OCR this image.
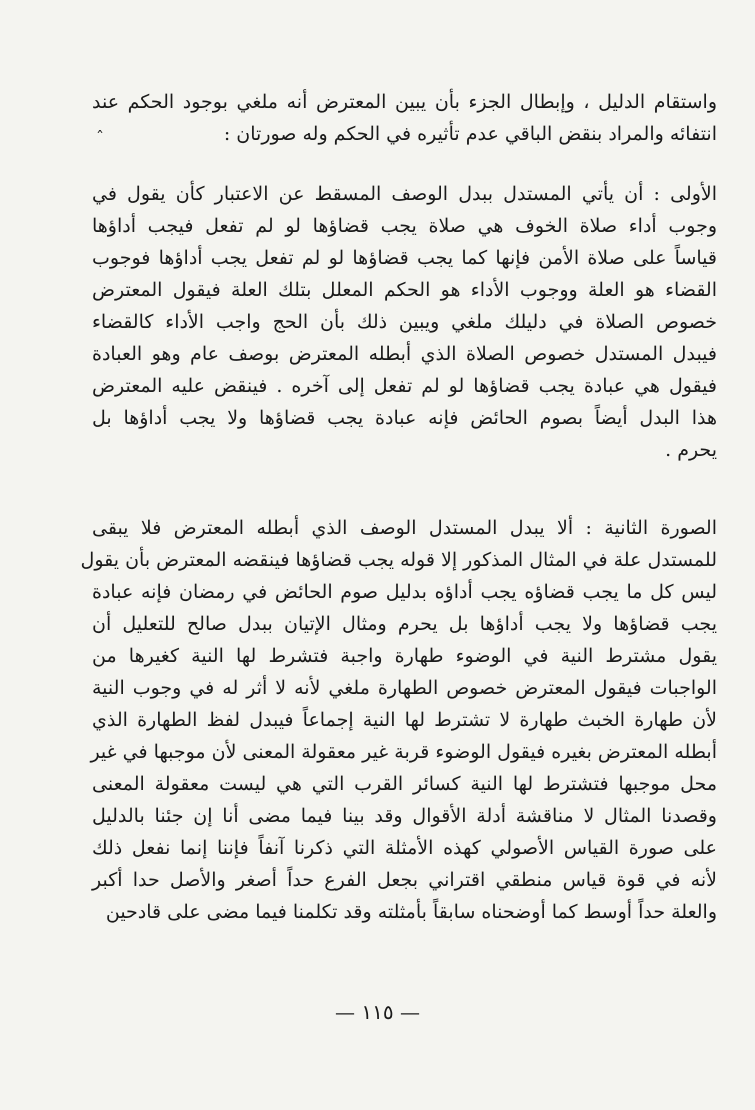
واستقام الدليل ، وإبطال الجزء بأن يبين المعترض أنه ملغي بوجود الحكم عند
انتفائه والمراد بنقض الباقي عدم تأثيره في الحكم وله صورتان :
ˆ
الأولى : أن يأتي المستدل ببدل الوصف المسقط عن الاعتبار كأن يقول في
وجوب أداء صلاة الخوف هي صلاة يجب قضاؤها لو لم تفعل فيجب أداؤها
قياساً على صلاة الأمن فإنها كما يجب قضاؤها لو لم تفعل يجب أداؤها فوجوب
القضاء هو العلة ووجوب الأداء هو الحكم المعلل بتلك العلة فيقول المعترض
خصوص الصلاة في دليلك ملغي ويبين ذلك بأن الحج واجب الأداء كالقضاء
فيبدل المستدل خصوص الصلاة الذي أبطله المعترض بوصف عام وهو العبادة
فيقول هي عبادة يجب قضاؤها لو لم تفعل إلى آخره . فينقض عليه المعترض
هذا البدل أيضاً بصوم الحائض فإنه عبادة يجب قضاؤها ولا يجب أداؤها بل
يحرم .
الصورة الثانية : ألا يبدل المستدل الوصف الذي أبطله المعترض فلا يبقى
للمستدل علة في المثال المذكور إلا قوله يجب قضاؤها فينقضه المعترض بأن يقول
ليس كل ما يجب قضاؤه يجب أداؤه بدليل صوم الحائض في رمضان فإنه عبادة
يجب قضاؤها ولا يجب أداؤها بل يحرم ومثال الإتيان ببدل صالح للتعليل أن
يقول مشترط النية في الوضوء طهارة واجبة فتشرط لها النية كغيرها من
الواجبات فيقول المعترض خصوص الطهارة ملغي لأنه لا أثر له في وجوب النية
لأن طهارة الخبث طهارة لا تشترط لها النية إجماعاً فيبدل لفظ الطهارة الذي
أبطله المعترض بغيره فيقول الوضوء قربة غير معقولة المعنى لأن موجبها في غير
محل موجبها فتشترط لها النية كسائر القرب التي هي ليست معقولة المعنى
وقصدنا المثال لا مناقشة أدلة الأقوال وقد بينا فيما مضى أنا إن جئنا بالدليل
على صورة القياس الأصولي كهذه الأمثلة التي ذكرنا آنفاً فإننا إنما نفعل ذلك
لأنه في قوة قياس منطقي اقتراني بجعل الفرع حداً أصغر والأصل حدا أكبر
والعلة حداً أوسط كما أوضحناه سابقاً بأمثلته وقد تكلمنا فيما مضى على قادحين
— ١١٥ —
